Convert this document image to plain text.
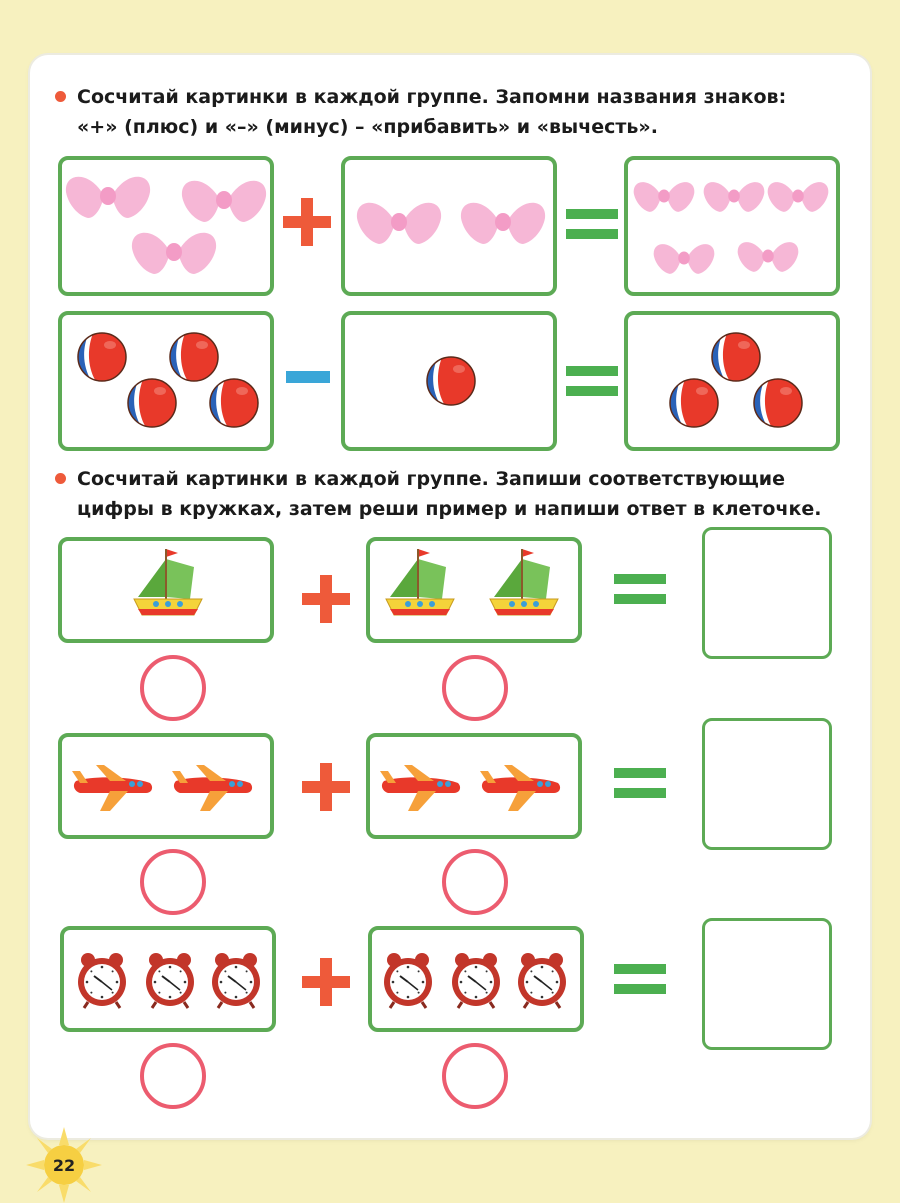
Сосчитай картинки в каждой группе. Запомни названия знаков:
«+» (плюс) и «–» (минус) – «прибавить» и «вычесть».
Сосчитай картинки в каждой группе. Запиши соответствующие
цифры в кружках, затем реши пример и напиши ответ в клеточке.
22
